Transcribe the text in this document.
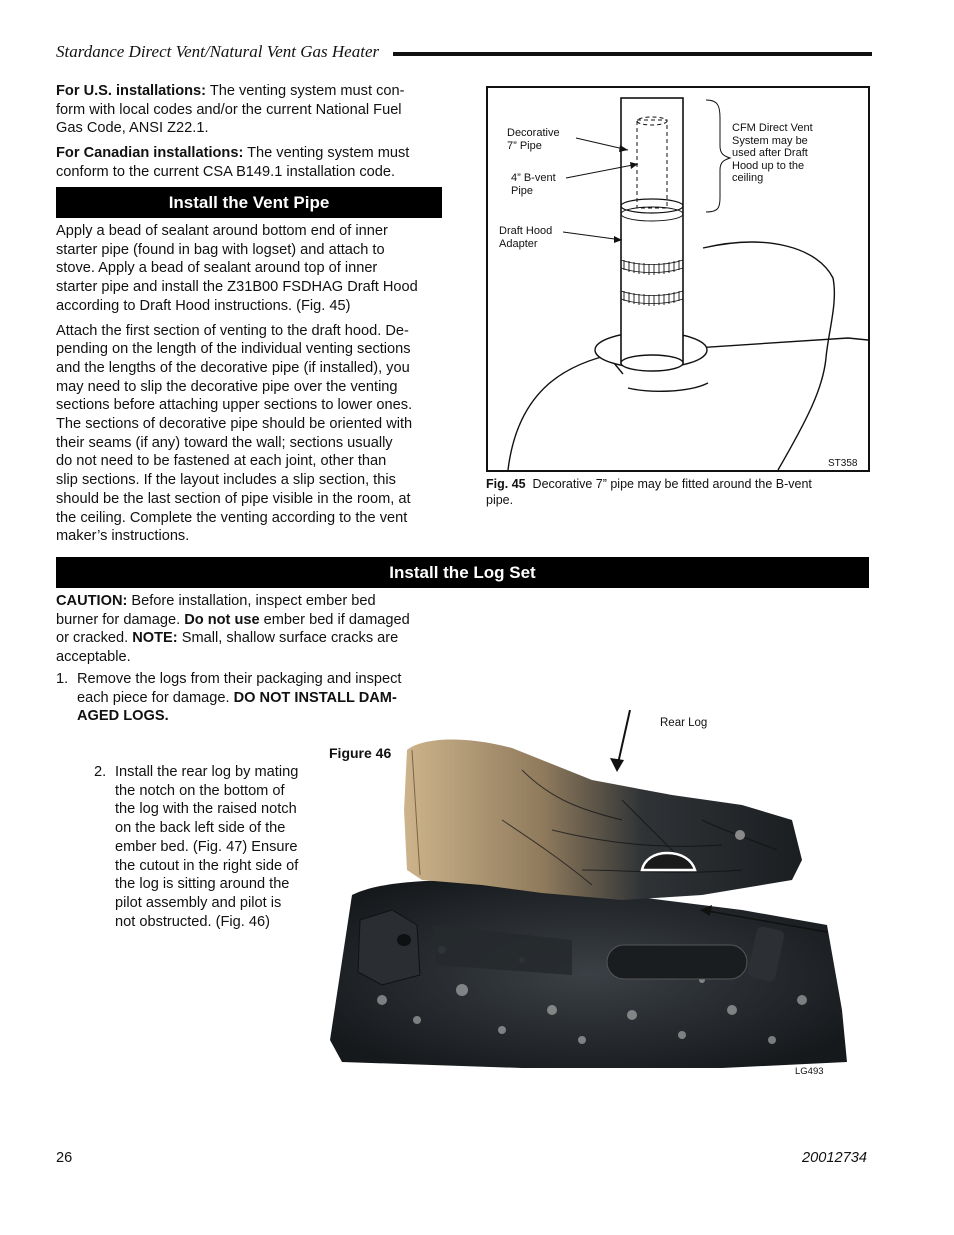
Stardance Direct Vent/Natural Vent Gas Heater

For U.S. installations: The venting system must con-
form with local codes and/or the current National Fuel
Gas Code, ANSI Z22.1.

For Canadian installations: The venting system must
conform to the current CSA B149.1 installation code.

Install the Vent Pipe

Apply a bead of sealant around bottom end of inner
starter pipe (found in bag with logset) and attach to
stove. Apply a bead of sealant around top of inner
starter pipe and install the Z31B00 FSDHAG Draft Hood
according to Draft Hood instructions. (Fig. 45)

Attach the first section of venting to the draft hood. De-
pending on the length of the individual venting sections
and the lengths of the decorative pipe (if installed), you
may need to slip the decorative pipe over the venting
sections before attaching upper sections to lower ones.
The sections of decorative pipe should be oriented with
their seams (if any) toward the wall; sections usually
do not need to be fastened at each joint, other than
slip sections. If the layout includes a slip section, this
should be the last section of pipe visible in the room, at
the ceiling. Complete the venting according to the vent
maker’s instructions.

Decorative
7” Pipe
4” B-vent
Pipe
Draft Hood
Adapter
CFM Direct Vent
System may be
used after Draft
Hood up to the
ceiling
ST358
Fig. 45 Decorative 7” pipe may be fitted around the B-vent
pipe.
Install the Log Set

CAUTION: Before installation, inspect ember bed
burner for damage. Do not use ember bed if damaged
or cracked. NOTE: Small, shallow surface cracks are
acceptable.

1. Remove the logs from their packaging and inspect
each piece for damage. DO NOT INSTALL DAM-
AGED LOGS.

Figure 46
2. Install the rear log by mating
the notch on the bottom of
the log with the raised notch
on the back left side of the
ember bed. (Fig. 47) Ensure
the cutout in the right side of
the log is sitting around the
pilot assembly and pilot is
not obstructed. (Fig. 46)

Rear Log
LG493
26	20012734
